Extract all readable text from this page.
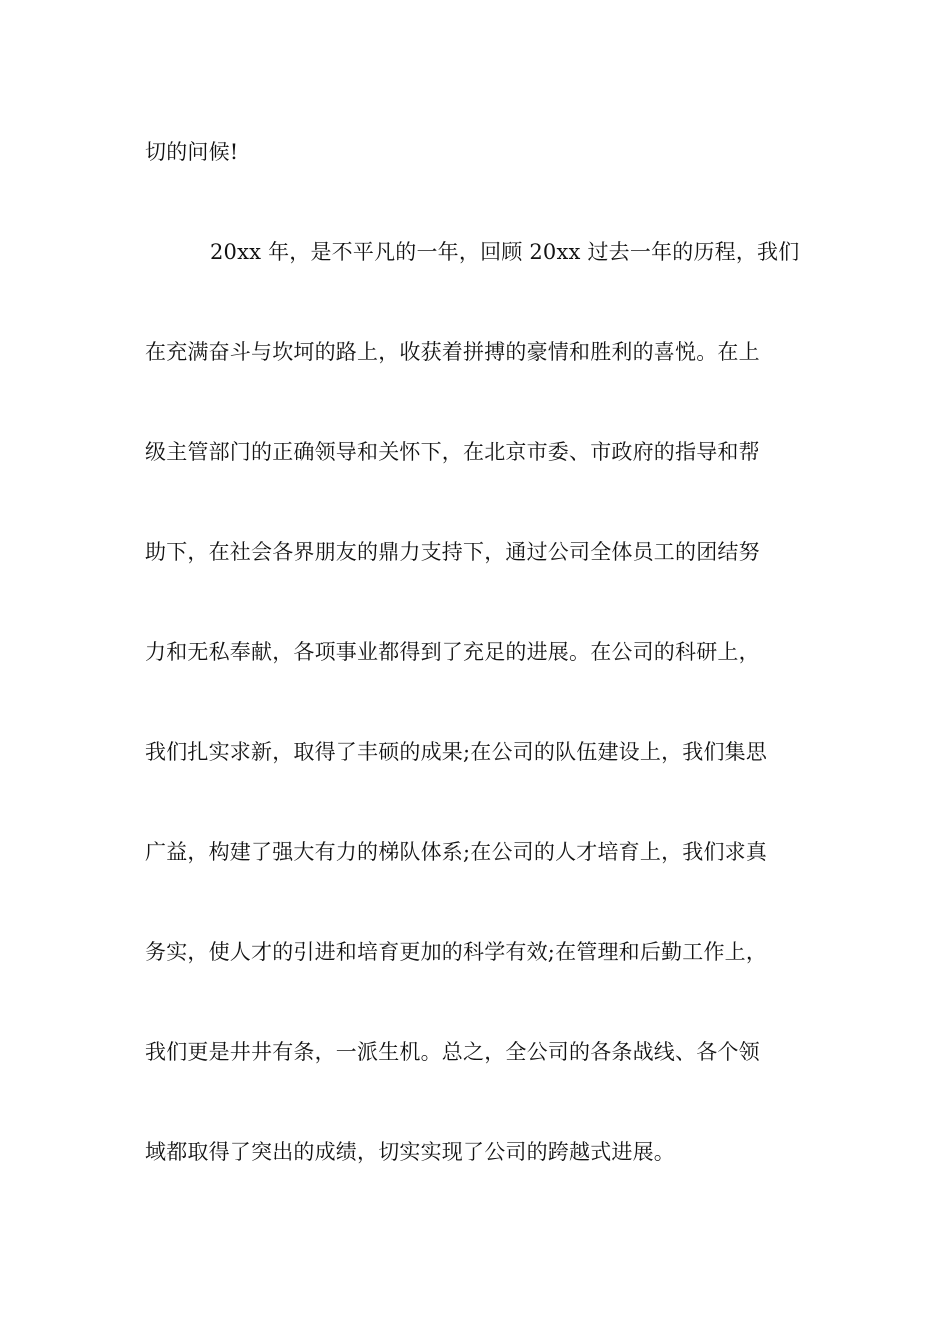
切的问候!
20xx 年，是不平凡的一年，回顾 20xx 过去一年的历程，我们
在充满奋斗与坎坷的路上，收获着拼搏的豪情和胜利的喜悦。在上
级主管部门的正确领导和关怀下，在北京市委、市政府的指导和帮
助下，在社会各界朋友的鼎力支持下，通过公司全体员工的团结努
力和无私奉献，各项事业都得到了充足的进展。在公司的科研上，
我们扎实求新，取得了丰硕的成果;在公司的队伍建设上，我们集思
广益，构建了强大有力的梯队体系;在公司的人才培育上，我们求真
务实，使人才的引进和培育更加的科学有效;在管理和后勤工作上，
我们更是井井有条，一派生机。总之，全公司的各条战线、各个领
域都取得了突出的成绩，切实实现了公司的跨越式进展。
